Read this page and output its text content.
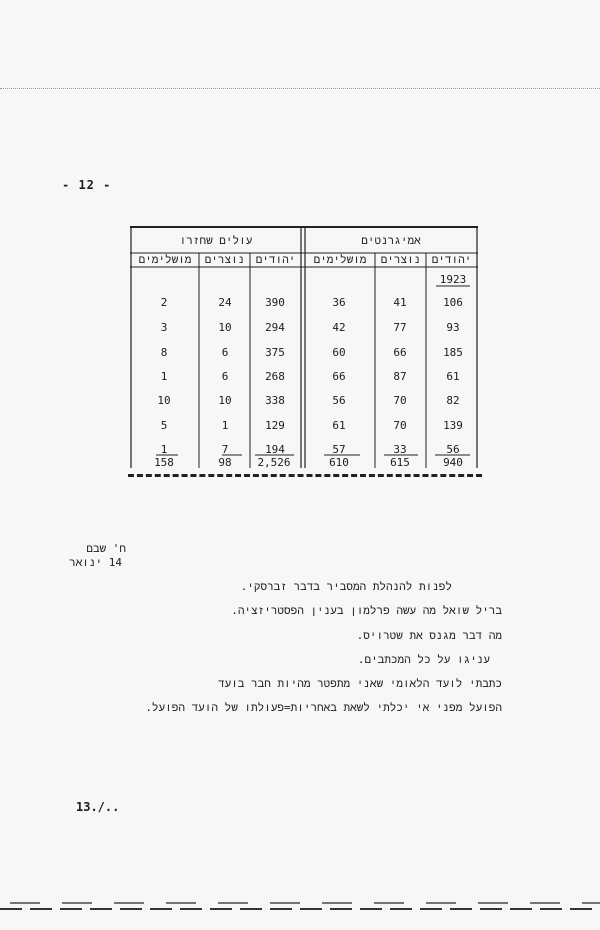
- 12 -
אמיגרנטים
עולים שחזרו
יהודים
נוצרים
מושלימים
יהודים
נוצרים
מושלימים
1923
106
41
36
390
24
2
93
77
42
294
10
3
185
66
60
375
6
8
61
87
66
268
6
1
82
70
56
338
10
10
139
70
61
129
1
5
56
33
57
194
7
1
940
615
610
2,526
98
158
ח' שבם
14 ינואר
לפנות להנהלת המסביר בדבר זברסקי.
בריל שואל מה עשה פרלמון בענין הפסטריזציה.
מה דבר מגנס את שטרויס.
עניגו על כל המכתבים.
כתבתי לועד הלאומי שאני מתפטר מהיות חבר בועד
הפועל מפני אי יכלתי לשאת באחריות=פעולתו של הועד הפועל.
13./..
